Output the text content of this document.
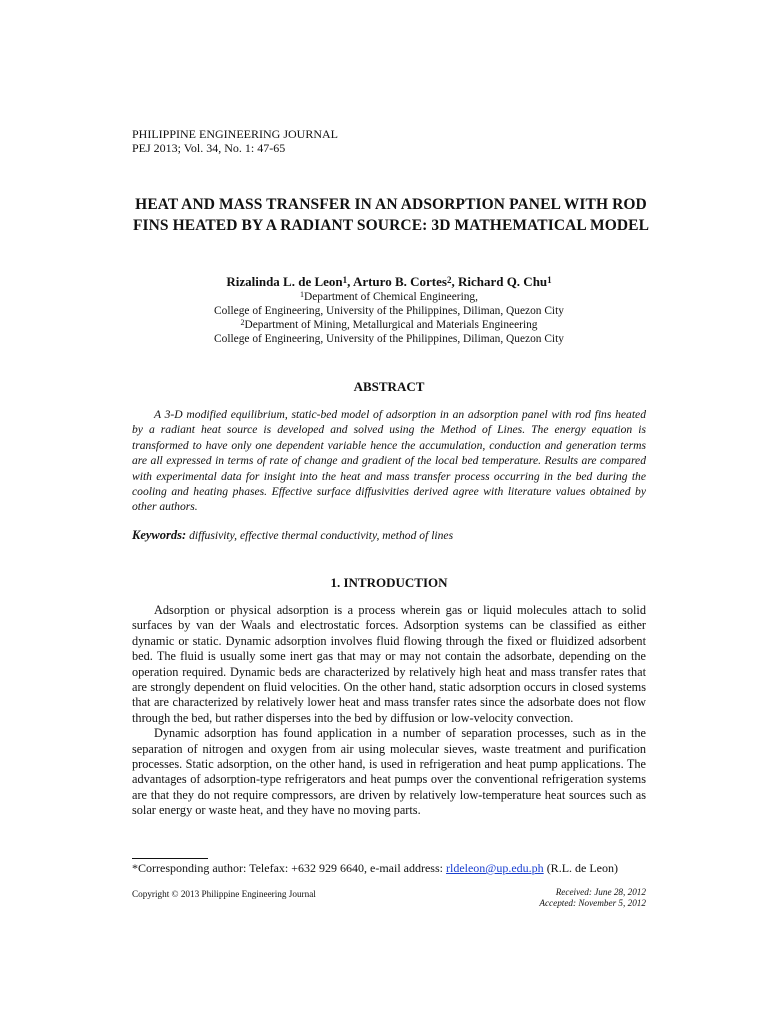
PHILIPPINE ENGINEERING JOURNAL
PEJ 2013; Vol. 34, No. 1: 47-65
HEAT AND MASS TRANSFER IN AN ADSORPTION PANEL WITH ROD FINS HEATED BY A RADIANT SOURCE: 3D MATHEMATICAL MODEL
Rizalinda L. de Leon$^1$, Arturo B. Cortes$^2$, Richard Q. Chu$^1$
$^1$Department of Chemical Engineering,
College of Engineering, University of the Philippines, Diliman, Quezon City
$^2$Department of Mining, Metallurgical and Materials Engineering
College of Engineering, University of the Philippines, Diliman, Quezon City
ABSTRACT
A 3-D modified equilibrium, static-bed model of adsorption in an adsorption panel with rod fins heated by a radiant heat source is developed and solved using the Method of Lines. The energy equation is transformed to have only one dependent variable hence the accumulation, conduction and generation terms are all expressed in terms of rate of change and gradient of the local bed temperature. Results are compared with experimental data for insight into the heat and mass transfer process occurring in the bed during the cooling and heating phases. Effective surface diffusivities derived agree with literature values obtained by other authors.
Keywords: diffusivity, effective thermal conductivity, method of lines
1. INTRODUCTION

Adsorption or physical adsorption is a process wherein gas or liquid molecules attach to solid surfaces by van der Waals and electrostatic forces. Adsorption systems can be classified as either dynamic or static. Dynamic adsorption involves fluid flowing through the fixed or fluidized adsorbent bed. The fluid is usually some inert gas that may or may not contain the adsorbate, depending on the operation required. Dynamic beds are characterized by relatively high heat and mass transfer rates that are strongly dependent on fluid velocities. On the other hand, static adsorption occurs in closed systems that are characterized by relatively lower heat and mass transfer rates since the adsorbate does not flow through the bed, but rather disperses into the bed by diffusion or low-velocity convection.

Dynamic adsorption has found application in a number of separation processes, such as in the separation of nitrogen and oxygen from air using molecular sieves, waste treatment and purification processes. Static adsorption, on the other hand, is used in refrigeration and heat pump applications. The advantages of adsorption-type refrigerators and heat pumps over the conventional refrigeration systems are that they do not require compressors, are driven by relatively low-temperature heat sources such as solar energy or waste heat, and they have no moving parts.

*Corresponding author: Telefax: +632 929 6640, e-mail address: rldeleon@up.edu.ph (R.L. de Leon)
Copyright © 2013 Philippine Engineering Journal	Received: June 28, 2012
Accepted: November 5, 2012
